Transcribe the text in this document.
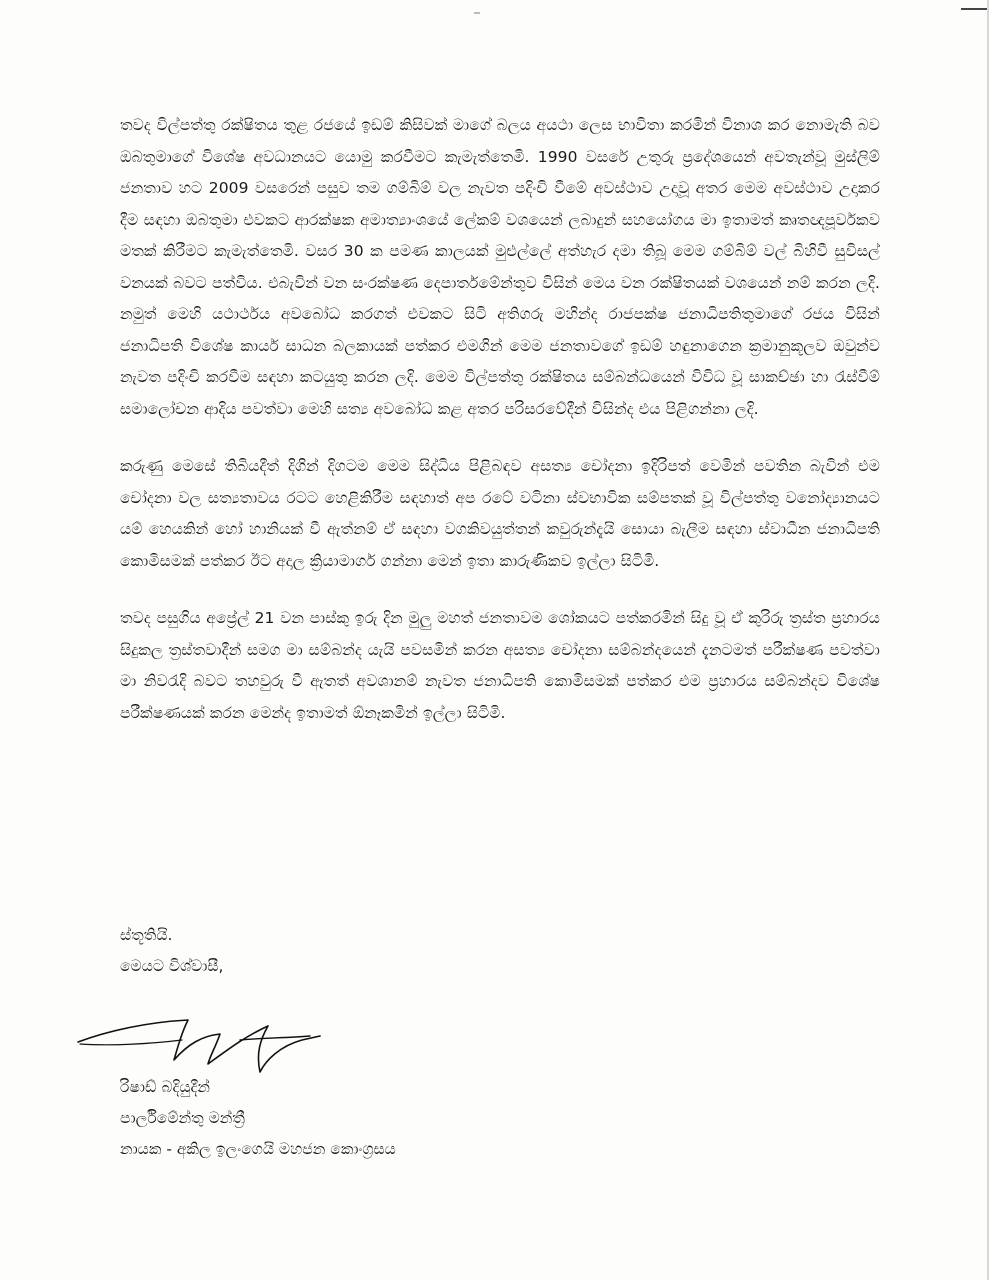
තවද විල්පත්තු රක්ෂිතය තුළ රජයේ ඉඩම් කිසිවක් මාගේ බලය අයථා ලෙස භාවිතා කරමින් විනාශ කර නොමැති බව ඔබතුමාගේ විශේෂ අවධානයට යොමු කරවීමට කැමැත්තෙමි. 1990 වසරේ උතුරු ප්‍රදේශයෙන් අවතැන්වූ මුස්ලිම් ජනතාව හට 2009 වසරෙන් පසුව තම ගම්බිම් වල නැවත පදිංචි වීමේ අවස්ථාව උදාවූ අතර මෙම අවස්ථාව උදාකර දීම සඳහා ඔබතුමා එවකට ආරක්ෂක අමාත්‍යාංශයේ ලේකම් වශයෙන් ලබාදුන් සහයෝගය මා ඉතාමත් කෘතඥපූර්වකව මතක් කිරීමට කැමැත්තෙමි. වසර 30 ක පමණ කාලයක් මුළුල්ලේ අත්හැර දමා තිබූ මෙම ගම්බිම් වල් බිහිවී සුවිසල් වනයක් බවට පත්විය. එබැවින් වන සංරක්ෂණ දෙපාර්තමේන්තුව විසින් මෙය වන රක්ෂිතයක් වශයෙන් නම් කරන ලදි. නමුත් මෙහි යථාර්ථය අවබෝධ කරගත් එවකට සිටි අතිගරු මහින්ද රාජපක්ෂ ජනාධිපතිතුමාගේ රජය විසින් ජනාධිපති විශේෂ කාර්ය සාධන බලකායක් පත්කර එමගින් මෙම ජනතාවගේ ඉඩම් හඳුනාගෙන ක්‍රමානුකූලව ඔවුන්ව නැවත පදිංචි කරවීම සඳහා කටයුතු කරන ලදි. මෙම විල්පත්තු රක්ෂිතය සම්බන්ධයෙන් විවිධ වූ සාකච්ඡා හා රැස්වීම් සමාලෝචන ආදිය පවත්වා මෙහි සත්‍ය අවබෝධ කළ අතර පරිසරවේදීන් විසින්ද එය පිළිගන්නා ලදි.

කරුණු මෙසේ තිබියදීත් දිගින් දිගටම මෙම සිද්ධිය පිළිබඳව අසත්‍ය චෝදනා ඉදිරිපත් වෙමින් පවතින බැවින් එම චෝදනා වල සත්‍යතාවය රටට හෙළිකිරීම සඳහාත් අප රටේ වටිනා ස්වභාවික සම්පතක් වූ විල්පත්තු වනෝද්‍යානයට යම් හෙයකින් හෝ හානියක් වී ඇත්නම් ඒ සඳහා වගකිවයුත්තන් කවුරුන්දැයි සොයා බැලීම සඳහා ස්වාධීන ජනාධිපති කොමිසමක් පත්කර ඊට අදාල ක්‍රියාමාර්ග ගන්නා මෙන් ඉතා කාරුණිකව ඉල්ලා සිටිමි.

තවද පසුගිය අප්‍රේල් 21 වන පාස්කු ඉරු දින මුලු මහත් ජනතාවම ශෝකයට පත්කරමින් සිදු වූ ඒ කුරිරු ත්‍රස්ත ප්‍රහාරය සිදුකල ත්‍රස්තවාදීන් සමග මා සම්බන්ද යැයි පවසමින් කරන අසත්‍ය චෝදනා සම්බන්දයෙන් දැනටමත් පරීක්ෂණ පවත්වා මා නිවරැදි බවට තහවුරු වී ඇතත් අවශානම් නැවත ජනාධිපති කොමිසමක් පත්කර එම ප්‍රහාරය සම්බන්දව විශේෂ පරීක්ෂණයක් කරන මෙන්ද ඉතාමත් ඕනෑකමින් ඉල්ලා සිටිමි.

ස්තූතියි.
මෙයට විශ්වාසී,
රිෂාඩ් බදියුදීන්
පාර්ලිමේන්තු මන්ත්‍රී
නායක - අකිල ඉලංගෙයි මහජන කොංග්‍රසය
